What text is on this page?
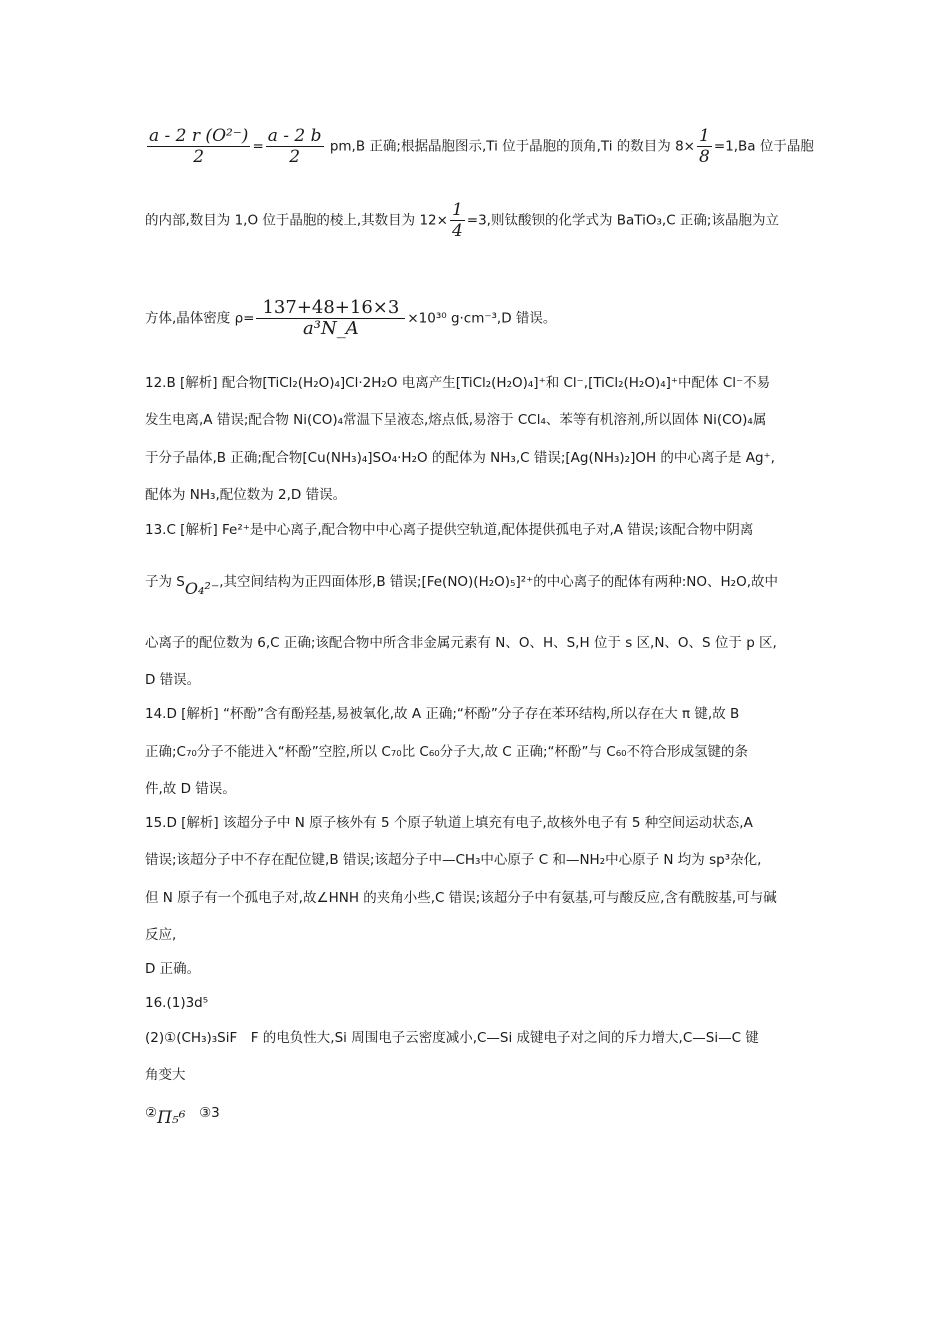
$\frac{\text{a - 2 r (O²⁻)}}{2} = \frac{a - 2 b}{2} pm,B$ 正确;根据晶胞图示,Ti 位于晶胞的顶角,Ti 的数目为 $8\times \frac{1}{8} =1,Ba$ 位于晶胞
的内部,数目为 1,O 位于晶胞的棱上,其数目为 $12\times \frac{1}{4} =3$,则钛酸钡的化学式为 BaTiO₃,C 正确;该晶胞为立
方体,晶体密度 $\rho= \frac{137+48+16\times 3}{\text{a³N\_A}} \times 10^{30}$ g·cm⁻³,D 错误。
12.B [解析] 配合物[TiCl₂(H₂O)₄]Cl·2H₂O 电离产生[TiCl₂(H₂O)₄]⁺和 Cl⁻,[TiCl₂(H₂O)₄]⁺中配体 Cl⁻不易
发生电离,A 错误;配合物 Ni(CO)₄常温下呈液态,熔点低,易溶于 CCl₄、苯等有机溶剂,所以固体 Ni(CO)₄属
于分子晶体,B 正确;配合物[Cu(NH₃)₄]SO₄·H₂O 的配体为 NH₃,C 错误;[Ag(NH₃)₂]OH 的中心离子是 Ag⁺,
配体为 NH₃,配位数为 2,D 错误。
13.C [解析] Fe²⁺是中心离子,配合物中中心离子提供空轨道,配体提供孤电子对,A 错误;该配合物中阴离
子为 SO₄²⁻,其空间结构为正四面体形,B 错误;[Fe(NO)(H₂O)₅]²⁺的中心离子的配体有两种:NO、H₂O,故中
心离子的配位数为 6,C 正确;该配合物中所含非金属元素有 N、O、H、S,H 位于 s 区,N、O、S 位于 p 区,
D 错误。
14.D [解析] “杯酚”含有酚羟基,易被氧化,故 A 正确;“杯酚”分子存在苯环结构,所以存在大 π 键,故 B
正确;C₇₀分子不能进入“杯酚”空腔,所以 C₇₀比 C₆₀分子大,故 C 正确;“杯酚”与 C₆₀不符合形成氢键的条
件,故 D 错误。
15.D [解析] 该超分子中 N 原子核外有 5 个原子轨道上填充有电子,故核外电子有 5 种空间运动状态,A
错误;该超分子中不存在配位键,B 错误;该超分子中—CH₃中心原子 C 和—NH₂中心原子 N 均为 sp³杂化,
但 N 原子有一个孤电子对,故∠HNH 的夹角小些,C 错误;该超分子中有氨基,可与酸反应,含有酰胺基,可与碱
反应,
D 正确。
16.(1)3d⁵
(2)①(CH₃)₃SiF　F 的电负性大,Si 周围电子云密度减小,C—Si 成键电子对之间的斥力增大,C—Si—C 键
角变大
②Π₅⁶　③3
